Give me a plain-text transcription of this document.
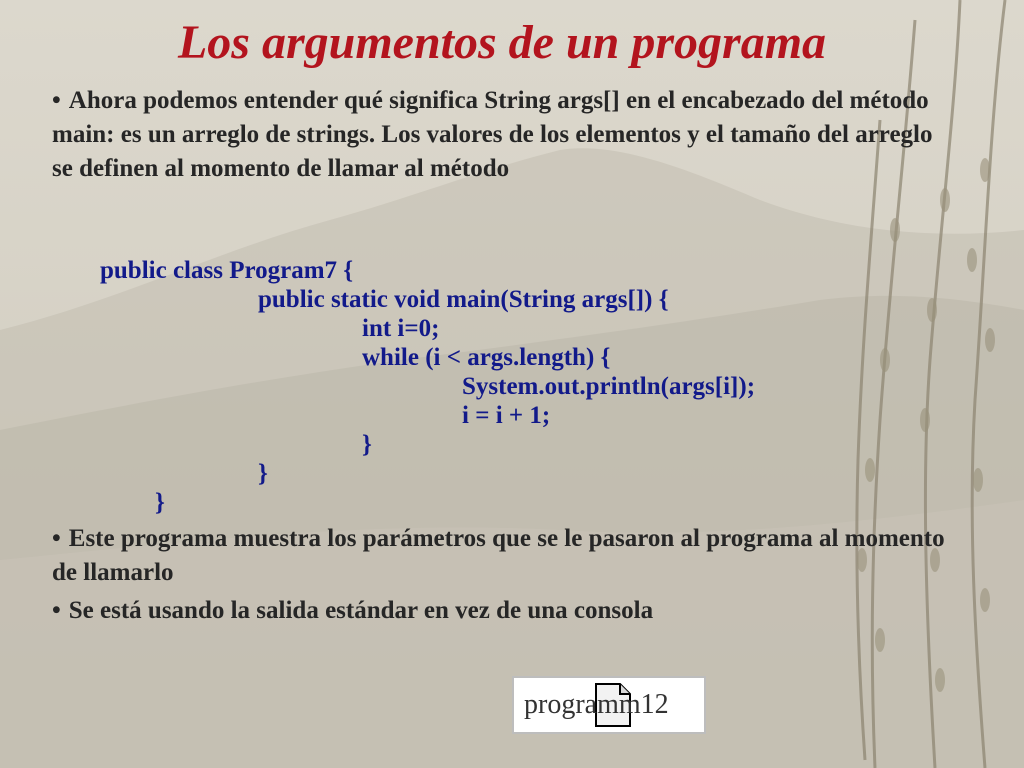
Los argumentos de un programa

• Ahora podemos entender qué significa String args[] en el encabezado del método main: es un arreglo de strings. Los valores de los elementos y el tamaño del arreglo se definen al momento de llamar al método

public class Program7 {
public static void main(String args[]) {
int i=0;
while (i < args.length) {
System.out.println(args[i]);
i = i + 1;
}
}
}

• Este programa muestra los parámetros que se le pasaron al programa al momento de llamarlo

• Se está usando la salida estándar en vez de una consola

programm12
